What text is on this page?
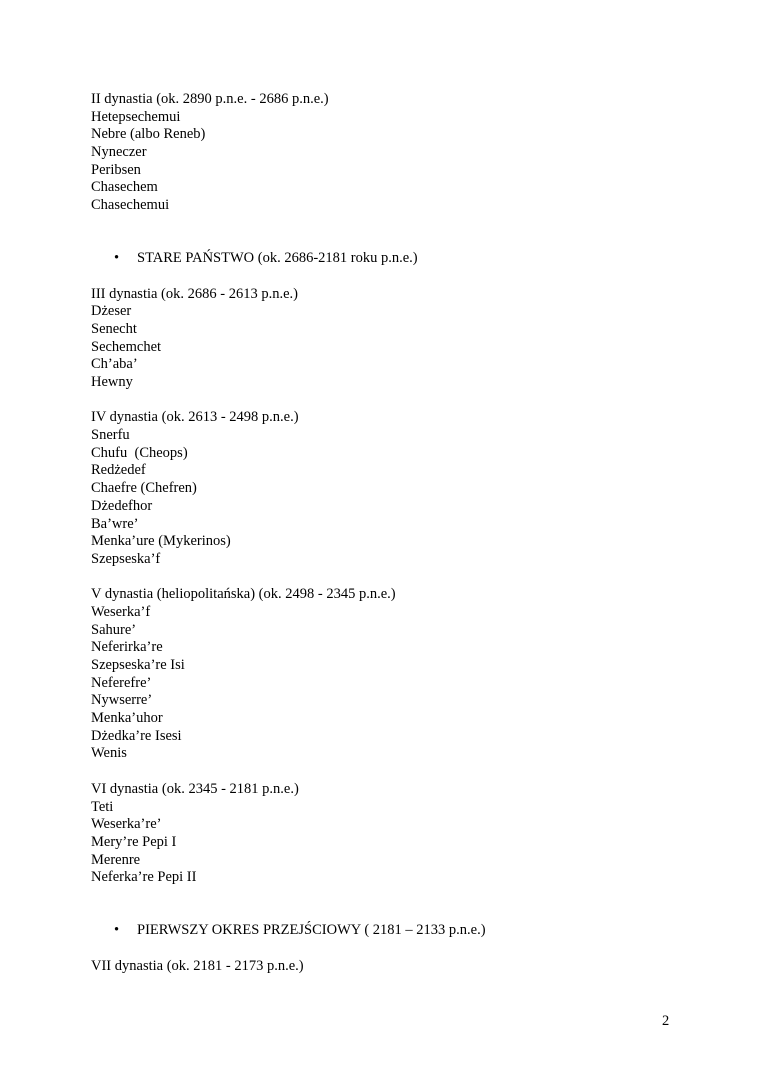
II dynastia (ok. 2890 p.n.e. - 2686 p.n.e.)
Hetepsechemui
Nebre (albo Reneb)
Nyneczer
Peribsen
Chasechem
Chasechemui

•

STARE PAŃSTWO (ok. 2686-2181 roku p.n.e.)

III dynastia (ok. 2686 - 2613 p.n.e.)
Dżeser
Senecht
Sechemchet
Ch’aba’
Hewny
IV dynastia (ok. 2613 - 2498 p.n.e.)
Snerfu
Chufu  (Cheops)
Redżedef
Chaefre (Chefren)
Dżedefhor
Ba’wre’
Menka’ure (Mykerinos)
Szepseska’f
V dynastia (heliopolitańska) (ok. 2498 - 2345 p.n.e.)
Weserka’f
Sahure’
Neferirka’re
Szepseska’re Isi
Neferefre’
Nywserre’
Menka’uhor
Dżedka’re Isesi
Wenis
VI dynastia (ok. 2345 - 2181 p.n.e.)
Teti
Weserka’re’
Mery’re Pepi I
Merenre
Neferka’re Pepi II

•

PIERWSZY OKRES PRZEJŚCIOWY ( 2181 – 2133 p.n.e.)

VII dynastia (ok. 2181 - 2173 p.n.e.)
2
